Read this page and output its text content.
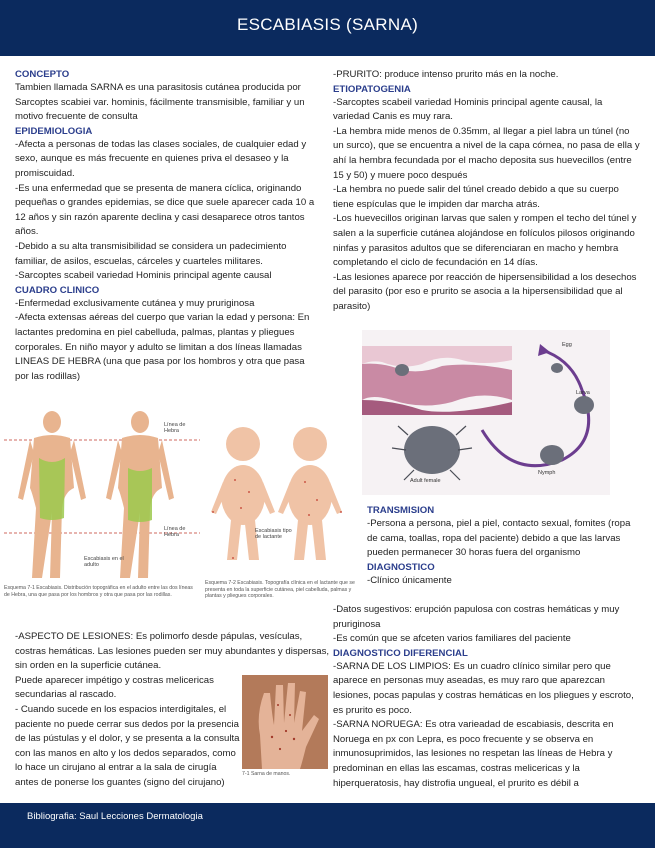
ESCABIASIS (SARNA)
CONCEPTO

Tambien llamada SARNA es una parasitosis cutánea producida por Sarcoptes scabiei var. hominis, fácilmente transmisible, familiar y un motivo frecuente de consulta

EPIDEMIOLOGIA

-Afecta a personas de todas las clases sociales, de cualquier edad y sexo, aunque es más frecuente en quienes priva el desaseo y la promiscuidad.

-Es una enfermedad que se presenta de manera cíclica, originando pequeñas o grandes epidemias, se dice que suele aparecer cada 10 a 12 años y sin razón aparente declina y casi desaparece otros tantos años.

-Debido a su alta transmisibilidad se considera un padecimiento familiar, de asilos, escuelas, cárceles y cuarteles militares.

-Sarcoptes scabeil variedad Hominis principal agente causal

CUADRO CLINICO

-Enfermedad exclusivamente cutánea y muy pruriginosa

-Afecta extensas aéreas del cuerpo que varian la edad y persona: En lactantes predomina en piel cabelluda, palmas, plantas y pliegues corporales. En niño mayor y adulto se limitan a dos líneas llamadas LINEAS DE HEBRA (una que pasa por los hombros y otra que pasa por las rodillas)

Línea de Hebra
Línea de Hebra
Escabiasis en el adulto
Esquema 7-1 Escabiasis. Distribución topográfica en el adulto entre las dos líneas de Hebra, una que pasa por los hombros y otra que pasa por las rodillas.
Escabiasis tipo de lactante
Esquema 7-2 Escabiasis. Topografía clínica en el lactante que se presenta en toda la superficie cutánea, piel cabelluda, palmas y plantas y pliegues corporales.

-ASPECTO DE LESIONES: Es polimorfo desde pápulas, vesículas, costras hemáticas. Las lesiones pueden ser muy abundantes y dispersas, sin orden en la superficie cutánea.

Puede aparecer impétigo y costras melicericas secundarias al rascado.

- Cuando sucede en los espacios interdigitales, el paciente no puede cerrar sus dedos por la presencia de las pústulas y el dolor, y se presenta a la consulta con las manos en alto y los dedos separados, como lo hace un cirujano al entrar a la sala de cirugía antes de ponerse los guantes (signo del cirujano)

7-1 Sarna de manos.

-PRURITO: produce intenso prurito más en la noche.

ETIOPATOGENIA

-Sarcoptes scabeil variedad Hominis principal agente causal, la variedad Canis es muy rara.

-La hembra mide menos de 0.35mm, al llegar a piel labra un túnel (no un surco), que se encuentra a nivel de la capa córnea, no pasa de ella y ahí la hembra fecundada por el macho deposita sus huevecillos (entre 15 y 50) y muere poco después

-La hembra no puede salir del túnel creado debido a que su cuerpo tiene espículas que le impiden dar marcha atrás.

-Los huevecillos originan larvas que salen y rompen el techo del túnel y salen a la superficie cutánea alojándose en folículos pilosos originando ninfas y parasitos adultos que se diferenciaran en macho y hembra completando el ciclo de fecundación en 14 días.

-Las lesiones aparece por reacción de hipersensibilidad a los desechos del parasito (por eso e prurito se asocia a la hipersensibilidad que al parasito)

Egg
Larva
Nymph
Adult female
TRANSMISION

-Persona a persona, piel a piel, contacto sexual, fomites (ropa de cama, toallas, ropa del paciente) debido a que las larvas pueden permanecer 30 horas fuera del organismo

DIAGNOSTICO

-Clínico únicamente

-Datos sugestivos: erupción papulosa con costras hemáticas y muy pruriginosa

-Es común que se afceten varios familiares del paciente

DIAGNOSTICO DIFERENCIAL

-SARNA DE LOS LIMPIOS: Es un cuadro clínico similar pero que aparece en personas muy aseadas, es muy raro que aparezcan lesiones, pocas papulas y costras hemáticas en los pliegues y escroto, es prurito es poco.

-SARNA NORUEGA: Es otra varieadad de escabiasis, descrita en Noruega en px con Lepra, es poco frecuente y se observa en inmunosuprimidos, las lesiones no respetan las líneas de Hebra y predominan en ellas las escamas, costras melicericas y la hiperqueratosis, hay distrofia ungueal, el prurito es débil a

Bibliografia: Saul Lecciones Dermatologia
